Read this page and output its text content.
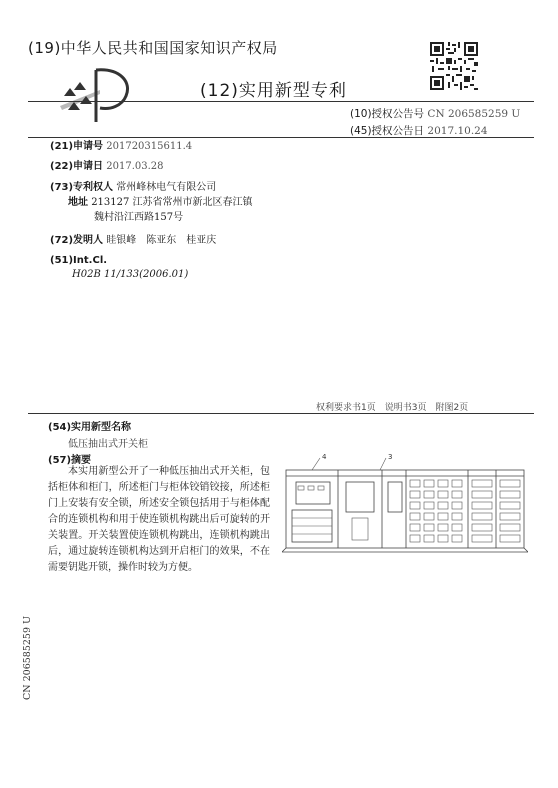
(19)中华人民共和国国家知识产权局
(12)实用新型专利
(10)授权公告号 CN 206585259 U
(45)授权公告日 2017.10.24
(21)申请号 201720315611.4
(22)申请日 2017.03.28
(73)专利权人 常州峰林电气有限公司
地址 213127 江苏省常州市新北区春江镇
魏村沿江西路157号
(72)发明人 眭银峰　陈亚东　桂亚庆
(51)Int.Cl.
H02B 11/133(2006.01)
权利要求书1页　说明书3页　附图2页
(54)实用新型名称
低压抽出式开关柜
(57)摘要

本实用新型公开了一种低压抽出式开关柜，包括柜体和柜门，所述柜门与柜体铰销铰接，所述柜门上安装有安全锁，所述安全锁包括用于与柜体配合的连锁机构和用于使连锁机构跳出后可旋转的开关装置。开关装置使连锁机构跳出，连锁机构跳出后，通过旋转连锁机构达到开启柜门的效果，不在需要钥匙开锁，操作时较为方便。

4	3
CN 206585259 U
